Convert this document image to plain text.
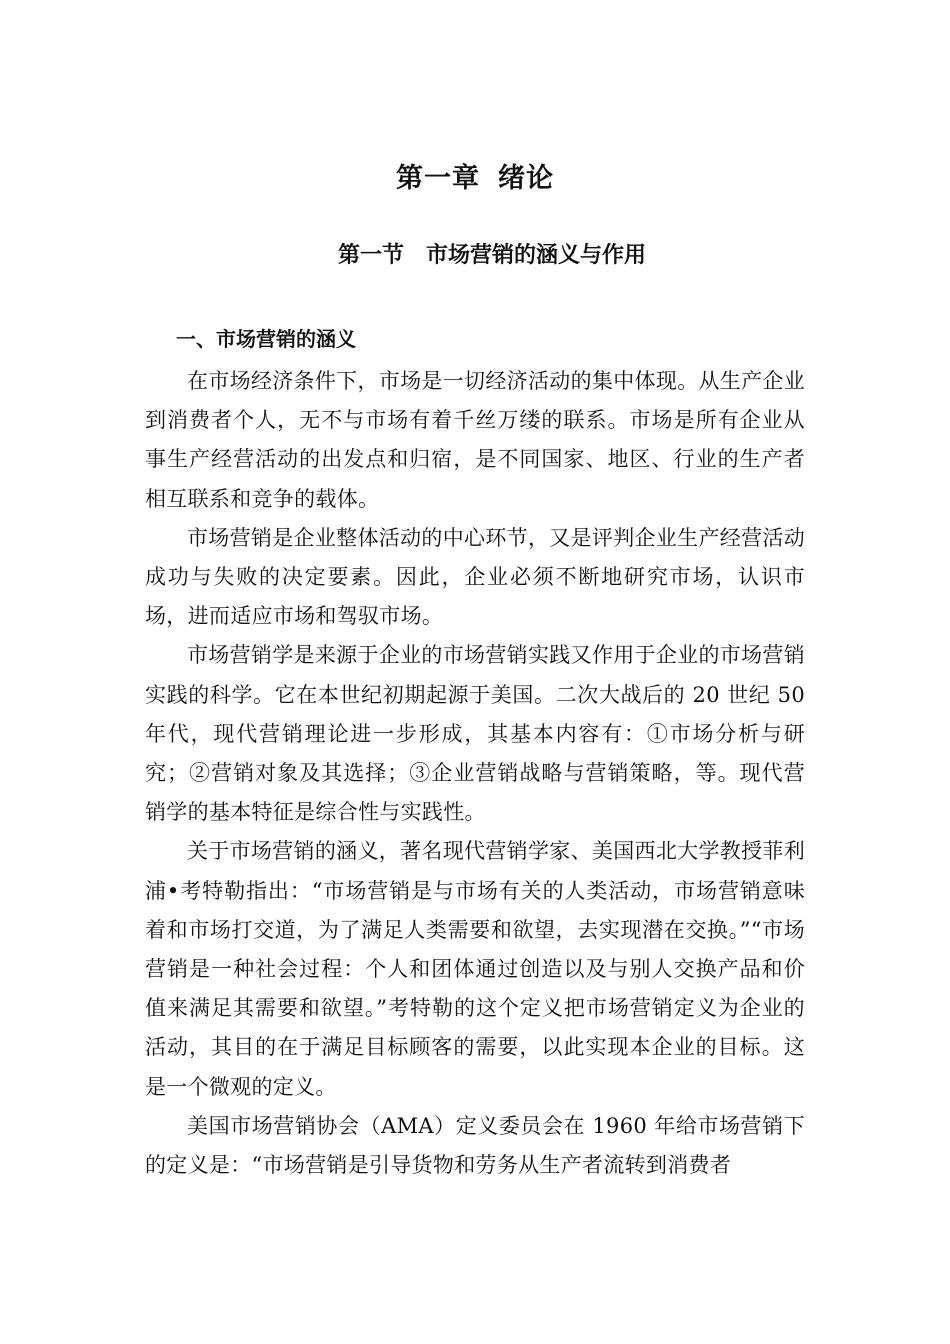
第一章 绪论
第一节 市场营销的涵义与作用
一、市场营销的涵义

在市场经济条件下，市场是一切经济活动的集中体现。从生产企业到消费者个人，无不与市场有着千丝万缕的联系。市场是所有企业从事生产经营活动的出发点和归宿，是不同国家、地区、行业的生产者相互联系和竞争的载体。

市场营销是企业整体活动的中心环节，又是评判企业生产经营活动成功与失败的决定要素。因此，企业必须不断地研究市场，认识市场，进而适应市场和驾驭市场。

市场营销学是来源于企业的市场营销实践又作用于企业的市场营销实践的科学。它在本世纪初期起源于美国。二次大战后的 20 世纪 50 年代，现代营销理论进一步形成，其基本内容有：①市场分析与研究；②营销对象及其选择；③企业营销战略与营销策略，等。现代营销学的基本特征是综合性与实践性。

关于市场营销的涵义，著名现代营销学家、美国西北大学教授菲利浦•考特勒指出：“市场营销是与市场有关的人类活动，市场营销意味着和市场打交道，为了满足人类需要和欲望，去实现潜在交换。”“市场营销是一种社会过程：个人和团体通过创造以及与别人交换产品和价值来满足其需要和欲望。”考特勒的这个定义把市场营销定义为企业的活动，其目的在于满足目标顾客的需要，以此实现本企业的目标。这是一个微观的定义。

美国市场营销协会（AMA）定义委员会在 1960 年给市场营销下的定义是：“市场营销是引导货物和劳务从生产者流转到消费者
